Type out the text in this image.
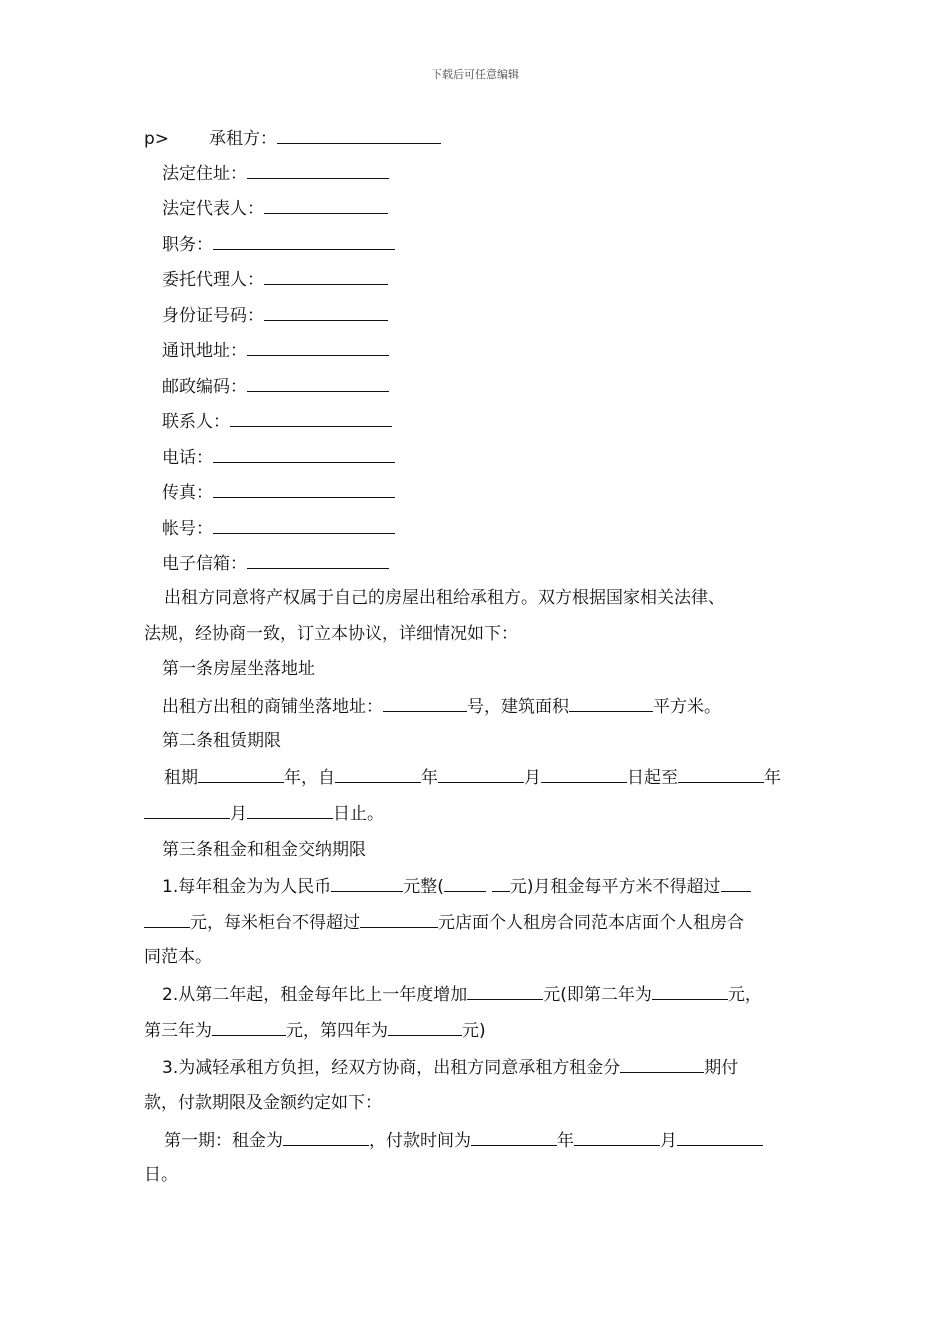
下载后可任意编辑
p> 承租方：
法定住址：
法定代表人：
职务：
委托代理人：
身份证号码：
通讯地址：
邮政编码：
联系人：
电话：
传真：
帐号：
电子信箱：
出租方同意将产权属于自己的房屋出租给承租方。双方根据国家相关法律、
法规，经协商一致，订立本协议，详细情况如下：
第一条房屋坐落地址
出租方出租的商铺坐落地址：	号，建筑面积	平方米。
第二条租赁期限
租期	年，自	年	月	日起至	年
月	日止。
第三条租金和租金交纳期限
1.每年租金为为人民币	元整(	元)月租金每平方米不得超过
元，每米柜台不得超过	元店面个人租房合同范本店面个人租房合
同范本。
2.从第二年起，租金每年比上一年度增加	元(即第二年为	元，
第三年为	元，第四年为	元)
3.为减轻承租方负担，经双方协商，出租方同意承租方租金分	期付
款，付款期限及金额约定如下：
第一期：租金为	，付款时间为	年	月
日。
